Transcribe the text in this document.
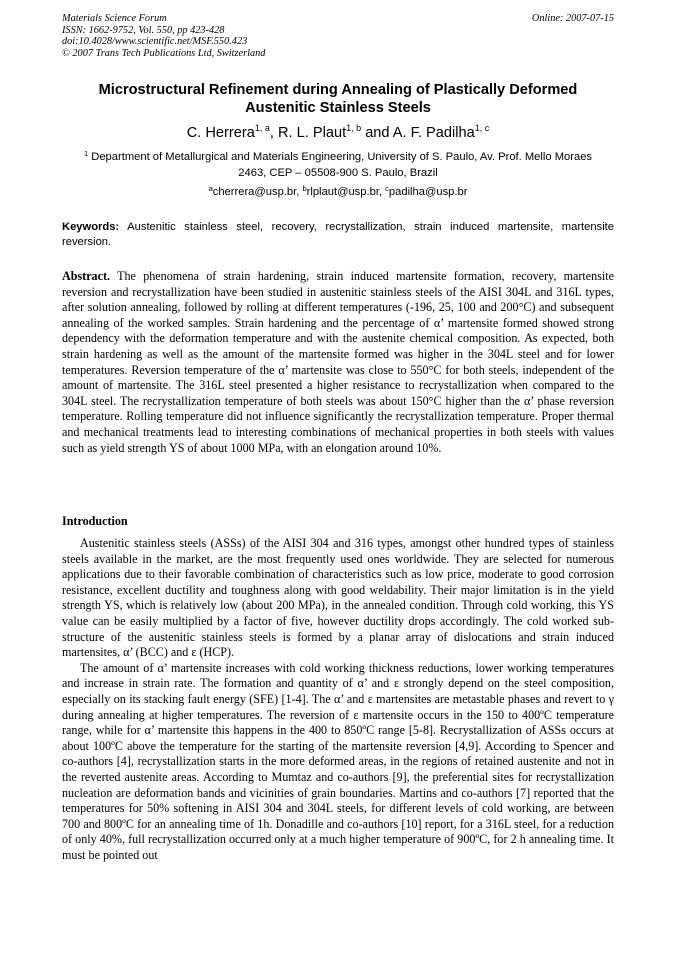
Materials Science Forum
ISSN: 1662-9752, Vol. 550, pp 423-428
doi:10.4028/www.scientific.net/MSF.550.423
© 2007 Trans Tech Publications Ltd, Switzerland
Online: 2007-07-15
Microstructural Refinement during Annealing of Plastically Deformed Austenitic Stainless Steels
C. Herrera$^{1, a}$, R. L. Plaut$^{1, b}$ and A. F. Padilha$^{1, c}$
$^1$ Department of Metallurgical and Materials Engineering, University of S. Paulo, Av. Prof. Mello Moraes 2463, CEP – 05508-900 S. Paulo, Brazil
$^a$cherrera@usp.br, $^b$rlplaut@usp.br, $^c$padilha@usp.br
Keywords: Austenitic stainless steel, recovery, recrystallization, strain induced martensite, martensite reversion.
Abstract. The phenomena of strain hardening, strain induced martensite formation, recovery, martensite reversion and recrystallization have been studied in austenitic stainless steels of the AISI 304L and 316L types, after solution annealing, followed by rolling at different temperatures (-196, 25, 100 and 200°C) and subsequent annealing of the worked samples. Strain hardening and the percentage of α’ martensite formed showed strong dependency with the deformation temperature and with the austenite chemical composition. As expected, both strain hardening as well as the amount of the martensite formed was higher in the 304L steel and for lower temperatures. Reversion temperature of the α’ martensite was close to 550°C for both steels, independent of the amount of martensite. The 316L steel presented a higher resistance to recrystallization when compared to the 304L steel. The recrystallization temperature of both steels was about 150°C higher than the α’ phase reversion temperature. Rolling temperature did not influence significantly the recrystallization temperature. Proper thermal and mechanical treatments lead to interesting combinations of mechanical properties in both steels with values such as yield strength YS of about 1000 MPa, with an elongation around 10%.
Introduction

Austenitic stainless steels (ASSs) of the AISI 304 and 316 types, amongst other hundred types of stainless steels available in the market, are the most frequently used ones worldwide. They are selected for numerous applications due to their favorable combination of characteristics such as low price, moderate to good corrosion resistance, excellent ductility and toughness along with good weldability. Their major limitation is in the yield strength YS, which is relatively low (about 200 MPa), in the annealed condition. Through cold working, this YS value can be easily multiplied by a factor of five, however ductility drops accordingly. The cold worked sub-structure of the austenitic stainless steels is formed by a planar array of dislocations and strain induced martensites, α’ (BCC) and ε (HCP).

The amount of α’ martensite increases with cold working thickness reductions, lower working temperatures and increase in strain rate. The formation and quantity of α’ and ε strongly depend on the steel composition, especially on its stacking fault energy (SFE) [1-4]. The α’ and ε martensites are metastable phases and revert to γ during annealing at higher temperatures. The reversion of ε martensite occurs in the 150 to 400ºC temperature range, while for α’ martensite this happens in the 400 to 850ºC range [5-8]. Recrystallization of ASSs occurs at about 100ºC above the temperature for the starting of the martensite reversion [4,9]. According to Spencer and co-authors [4], recrystallization starts in the more deformed areas, in the regions of retained austenite and not in the reverted austenite areas. According to Mumtaz and co-authors [9], the preferential sites for recrystallization nucleation are deformation bands and vicinities of grain boundaries. Martins and co-authors [7] reported that the temperatures for 50% softening in AISI 304 and 304L steels, for different levels of cold working, are between 700 and 800ºC for an annealing time of 1h. Donadille and co-authors [10] report, for a 316L steel, for a reduction of only 40%, full recrystallization occurred only at a much higher temperature of 900ºC, for 2 h annealing time. It must be pointed out
